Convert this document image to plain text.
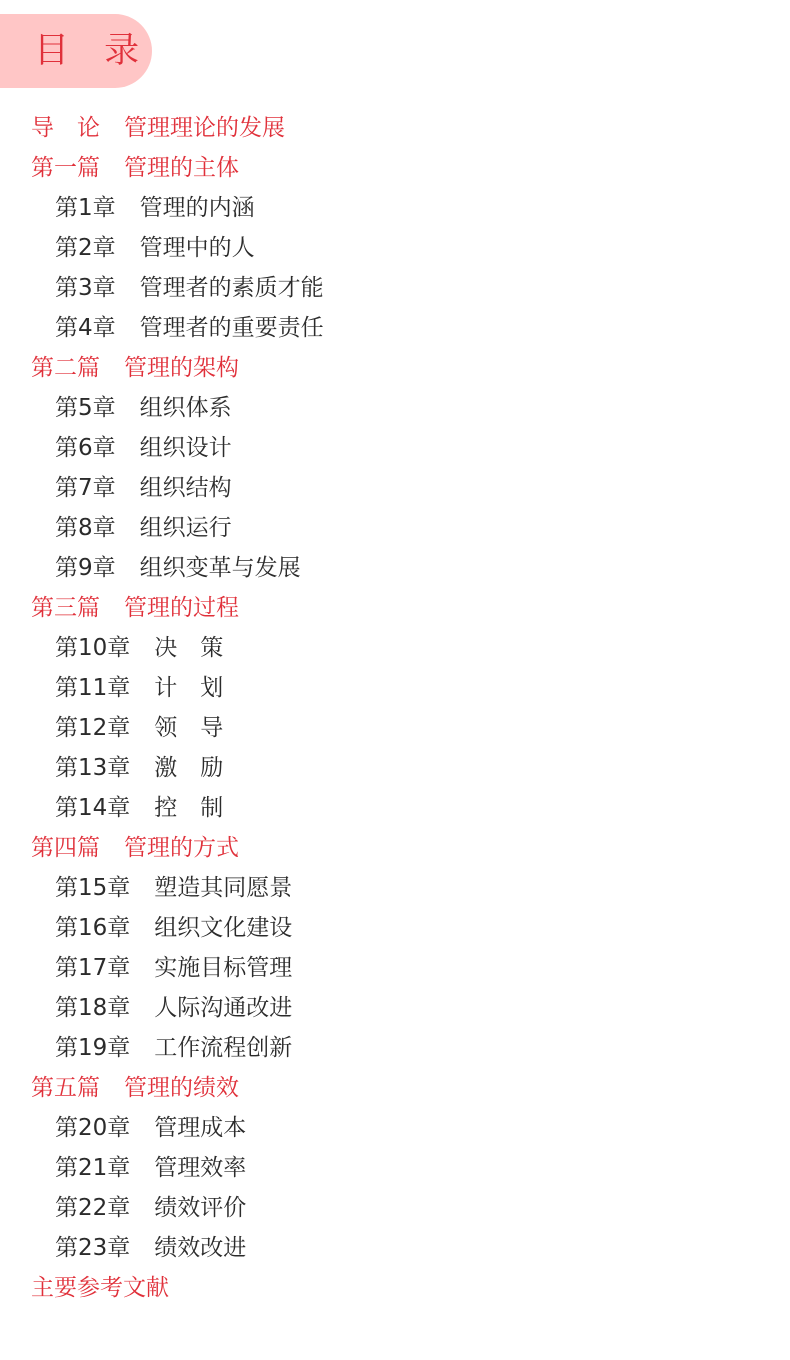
目 录
导　论 管理理论的发展
第一篇 管理的主体
第1章 管理的内涵
第2章 管理中的人
第3章 管理者的素质才能
第4章 管理者的重要责任
第二篇 管理的架构
第5章 组织体系
第6章 组织设计
第7章 组织结构
第8章 组织运行
第9章 组织变革与发展
第三篇 管理的过程
第10章 决　策
第11章 计　划
第12章 领　导
第13章 激　励
第14章 控　制
第四篇 管理的方式
第15章 塑造其同愿景
第16章 组织文化建设
第17章 实施目标管理
第18章 人际沟通改进
第19章 工作流程创新
第五篇 管理的绩效
第20章 管理成本
第21章 管理效率
第22章 绩效评价
第23章 绩效改进
主要参考文献
